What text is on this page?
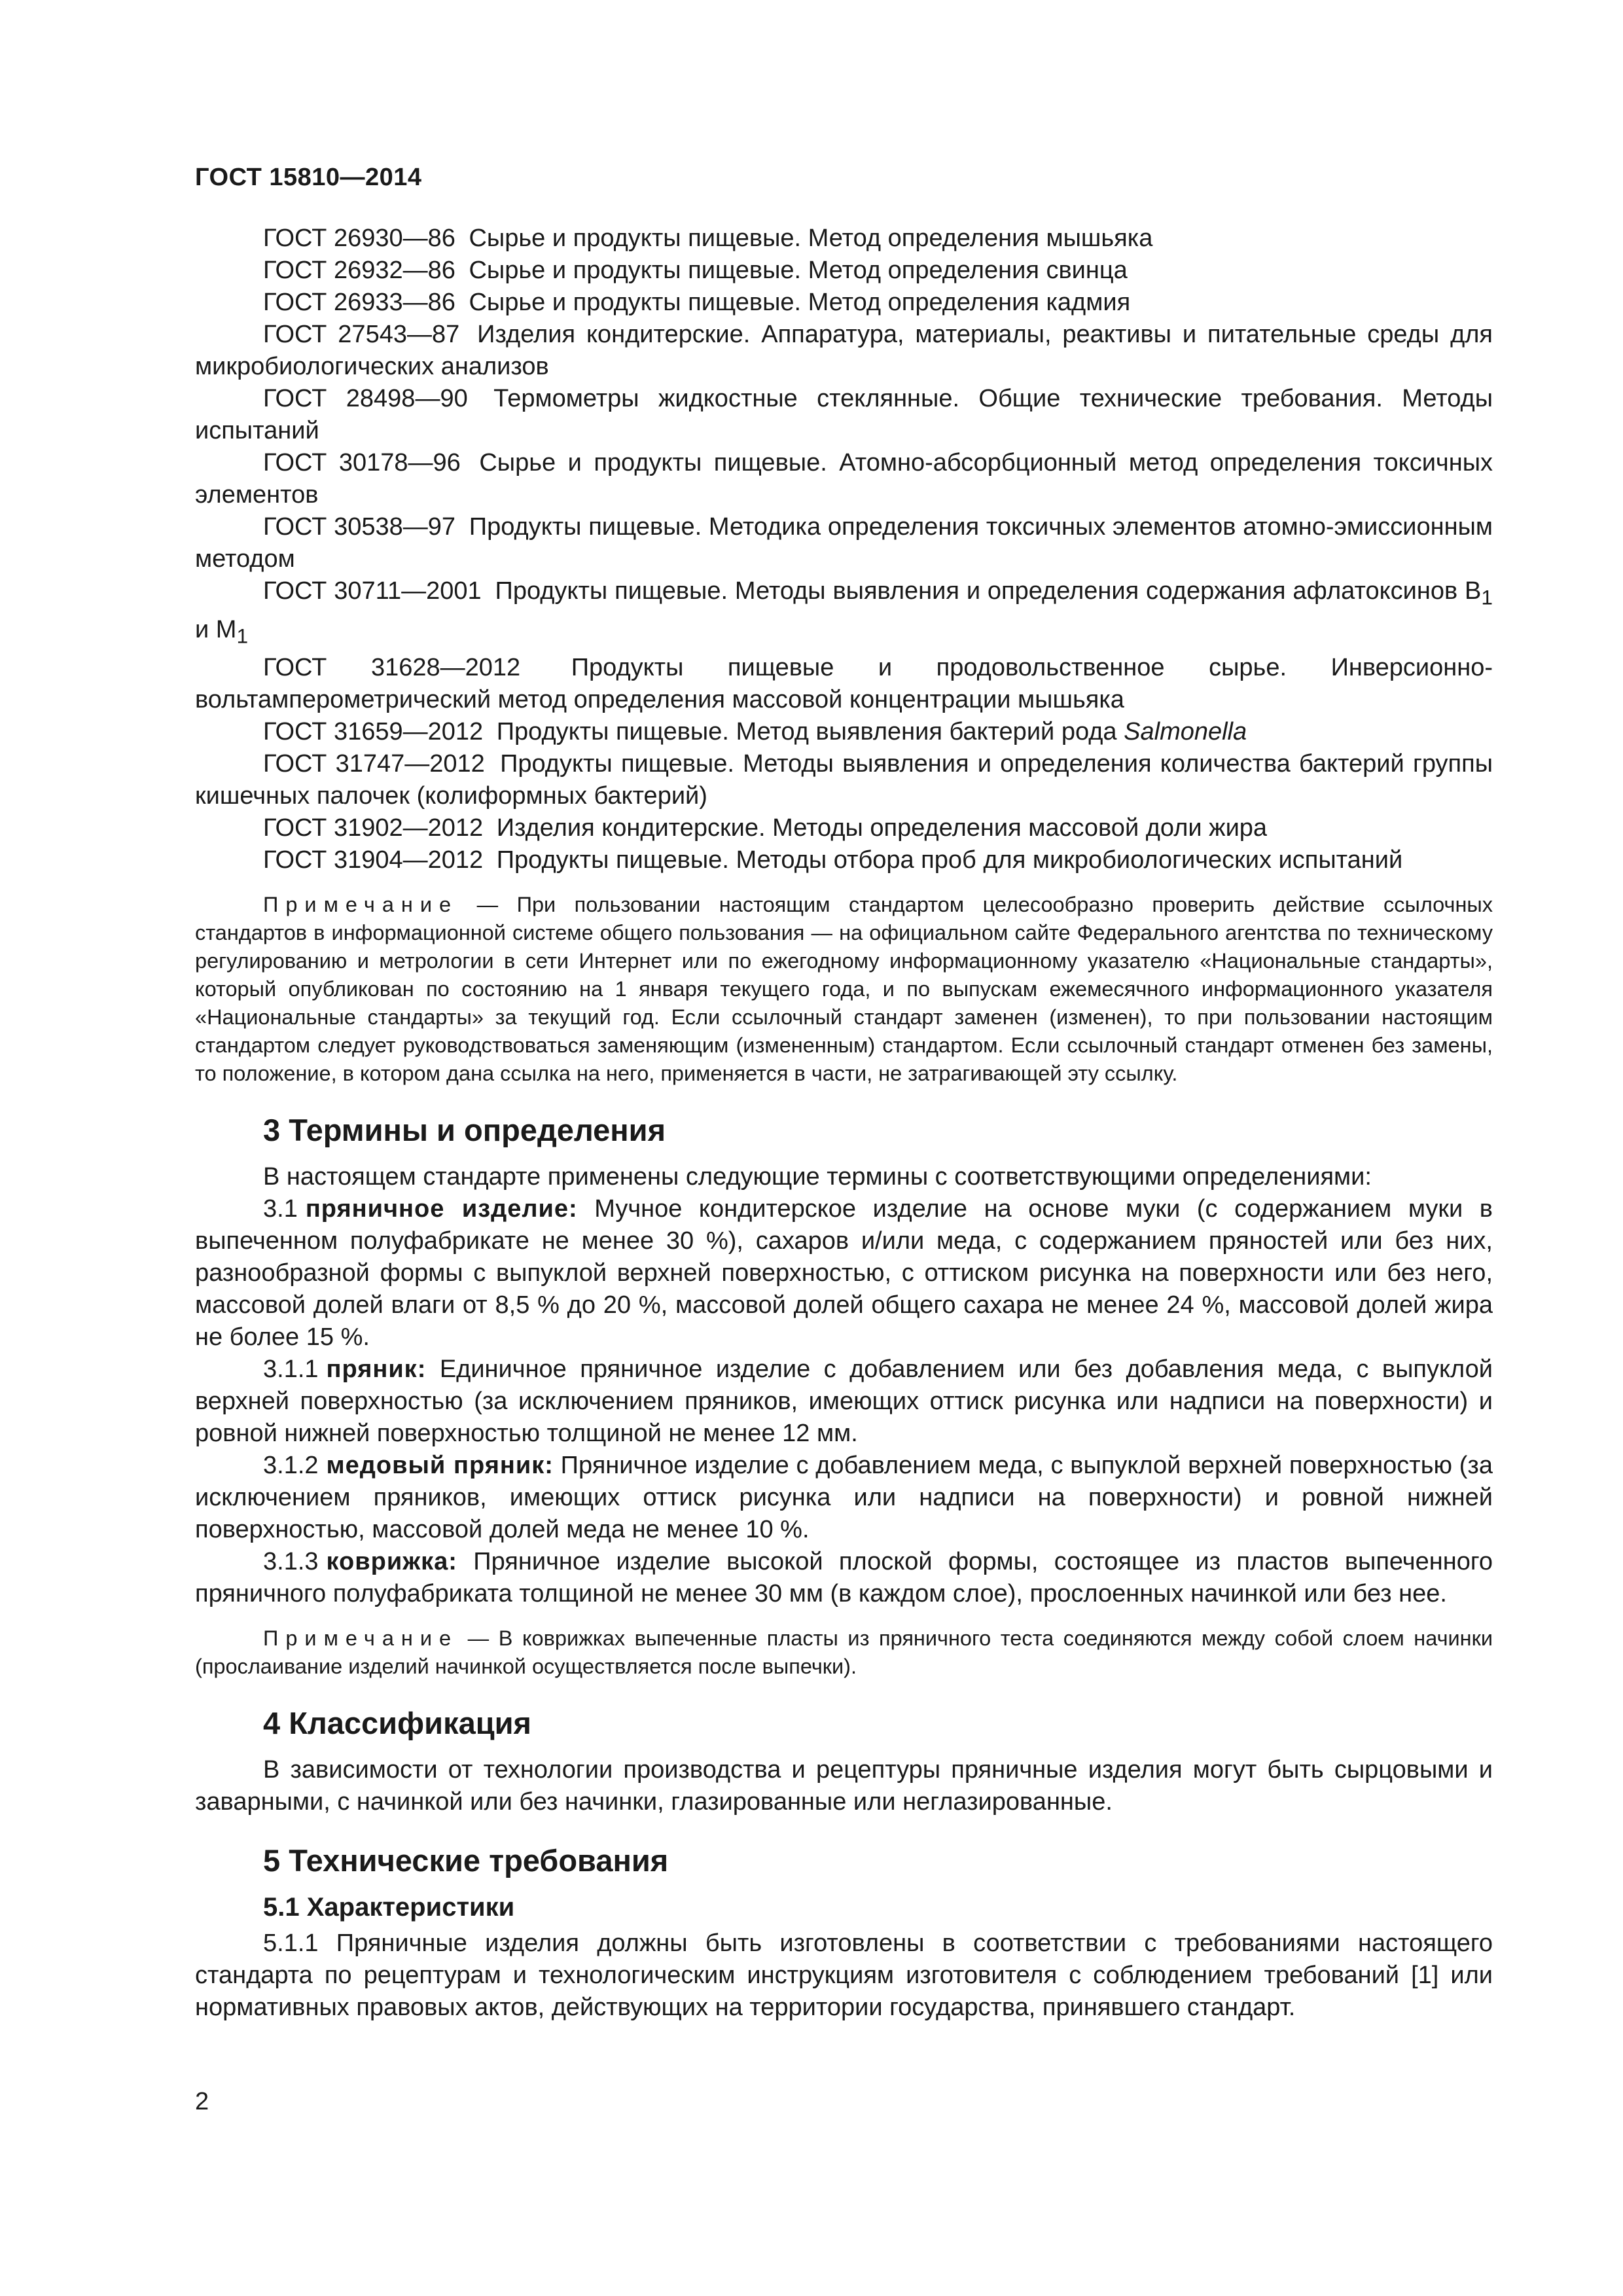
ГОСТ 15810—2014

ГОСТ 26930—86 Сырье и продукты пищевые. Метод определения мышьяка

ГОСТ 26932—86 Сырье и продукты пищевые. Метод определения свинца

ГОСТ 26933—86 Сырье и продукты пищевые. Метод определения кадмия

ГОСТ 27543—87 Изделия кондитерские. Аппаратура, материалы, реактивы и питательные среды для микробиологических анализов

ГОСТ 28498—90 Термометры жидкостные стеклянные. Общие технические требования. Методы испытаний

ГОСТ 30178—96 Сырье и продукты пищевые. Атомно-абсорбционный метод определения токсичных элементов

ГОСТ 30538—97 Продукты пищевые. Методика определения токсичных элементов атомно-эмиссионным методом

ГОСТ 30711—2001 Продукты пищевые. Методы выявления и определения содержания афлатоксинов $B_1$ и $M_1$

ГОСТ 31628—2012 Продукты пищевые и продовольственное сырье. Инверсионно-вольтамперометрический метод определения массовой концентрации мышьяка

ГОСТ 31659—2012 Продукты пищевые. Метод выявления бактерий рода Salmonella

ГОСТ 31747—2012 Продукты пищевые. Методы выявления и определения количества бактерий группы кишечных палочек (колиформных бактерий)

ГОСТ 31902—2012 Изделия кондитерские. Методы определения массовой доли жира

ГОСТ 31904—2012 Продукты пищевые. Методы отбора проб для микробиологических испытаний

Примечание — При пользовании настоящим стандартом целесообразно проверить действие ссылочных стандартов в информационной системе общего пользования — на официальном сайте Федерального агентства по техническому регулированию и метрологии в сети Интернет или по ежегодному информационному указателю «Национальные стандарты», который опубликован по состоянию на 1 января текущего года, и по выпускам ежемесячного информационного указателя «Национальные стандарты» за текущий год. Если ссылочный стандарт заменен (изменен), то при пользовании настоящим стандартом следует руководствоваться заменяющим (измененным) стандартом. Если ссылочный стандарт отменен без замены, то положение, в котором дана ссылка на него, применяется в части, не затрагивающей эту ссылку.

3 Термины и определения

В настоящем стандарте применены следующие термины с соответствующими определениями:

3.1 пряничное изделие: Мучное кондитерское изделие на основе муки (с содержанием муки в выпеченном полуфабрикате не менее 30 %), сахаров и/или меда, с содержанием пряностей или без них, разнообразной формы с выпуклой верхней поверхностью, с оттиском рисунка на поверхности или без него, массовой долей влаги от 8,5 % до 20 %, массовой долей общего сахара не менее 24 %, массовой долей жира не более 15 %.

3.1.1 пряник: Единичное пряничное изделие с добавлением или без добавления меда, с выпуклой верхней поверхностью (за исключением пряников, имеющих оттиск рисунка или надписи на поверхности) и ровной нижней поверхностью толщиной не менее 12 мм.

3.1.2 медовый пряник: Пряничное изделие с добавлением меда, с выпуклой верхней поверхностью (за исключением пряников, имеющих оттиск рисунка или надписи на поверхности) и ровной нижней поверхностью, массовой долей меда не менее 10 %.

3.1.3 коврижка: Пряничное изделие высокой плоской формы, состоящее из пластов выпеченного пряничного полуфабриката толщиной не менее 30 мм (в каждом слое), прослоенных начинкой или без нее.

Примечание — В коврижках выпеченные пласты из пряничного теста соединяются между собой слоем начинки (прослаивание изделий начинкой осуществляется после выпечки).

4 Классификация

В зависимости от технологии производства и рецептуры пряничные изделия могут быть сырцовыми и заварными, с начинкой или без начинки, глазированные или неглазированные.

5 Технические требования

5.1 Характеристики

5.1.1 Пряничные изделия должны быть изготовлены в соответствии с требованиями настоящего стандарта по рецептурам и технологическим инструкциям изготовителя с соблюдением требований [1] или нормативных правовых актов, действующих на территории государства, принявшего стандарт.

2
